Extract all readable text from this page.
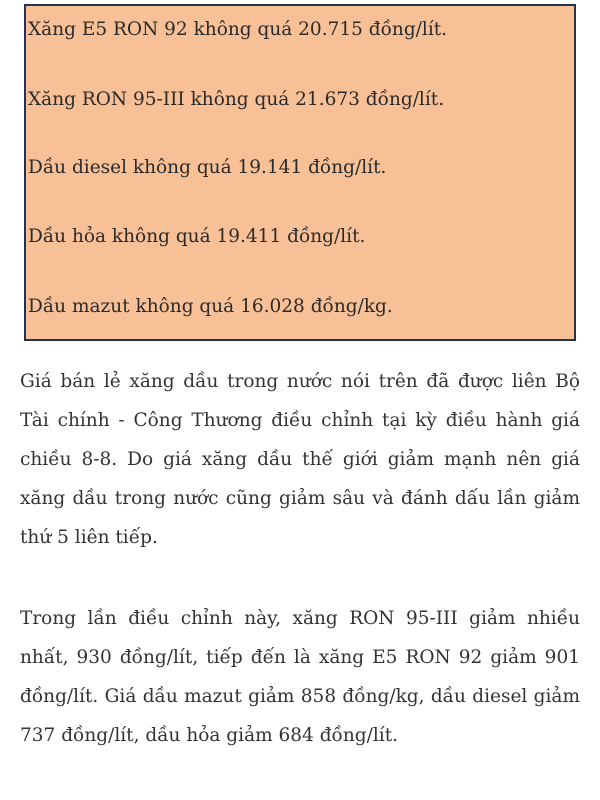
Xăng E5 RON 92 không quá 20.715 đồng/lít.

Xăng RON 95-III không quá 21.673 đồng/lít.

Dầu diesel không quá 19.141 đồng/lít.

Dầu hỏa không quá 19.411 đồng/lít.

Dầu mazut không quá 16.028 đồng/kg.

Giá bán lẻ xăng dầu trong nước nói trên đã được liên Bộ Tài chính - Công Thương điều chỉnh tại kỳ điều hành giá chiều 8-8. Do giá xăng dầu thế giới giảm mạnh nên giá xăng dầu trong nước cũng giảm sâu và đánh dấu lần giảm thứ 5 liên tiếp.

Trong lần điều chỉnh này, xăng RON 95-III giảm nhiều nhất, 930 đồng/lít, tiếp đến là xăng E5 RON 92 giảm 901 đồng/lít. Giá dầu mazut giảm 858 đồng/kg, dầu diesel giảm 737 đồng/lít, dầu hỏa giảm 684 đồng/lít.
